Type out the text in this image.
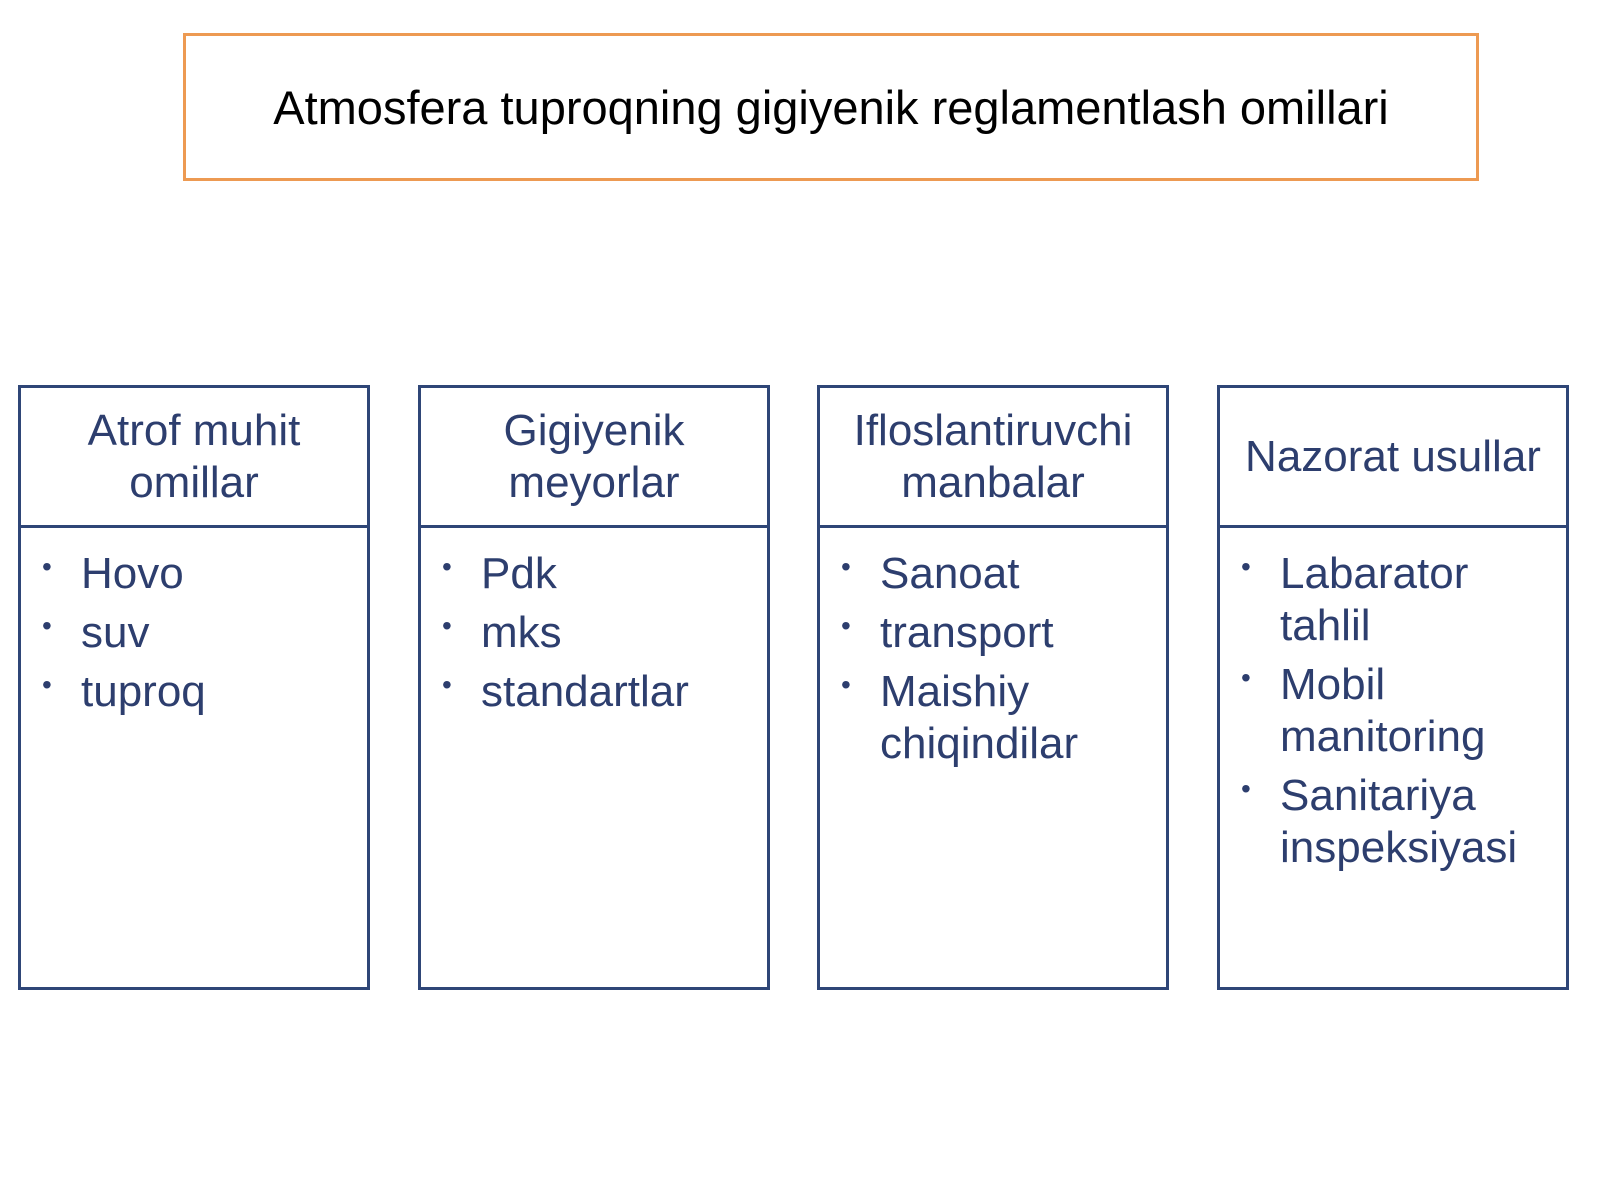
Atmosfera tuproqning gigiyenik reglamentlash omillari
Atrof muhit omillar
• Hovo
• suv
• tuproq
Gigiyenik meyorlar
• Pdk
• mks
• standartlar
Ifloslantiruvchi manbalar
• Sanoat
• transport
• Maishiy chiqindilar
Nazorat usullar
• Labarator tahlil
• Mobil manitoring
• Sanitariya inspeksiyasi
